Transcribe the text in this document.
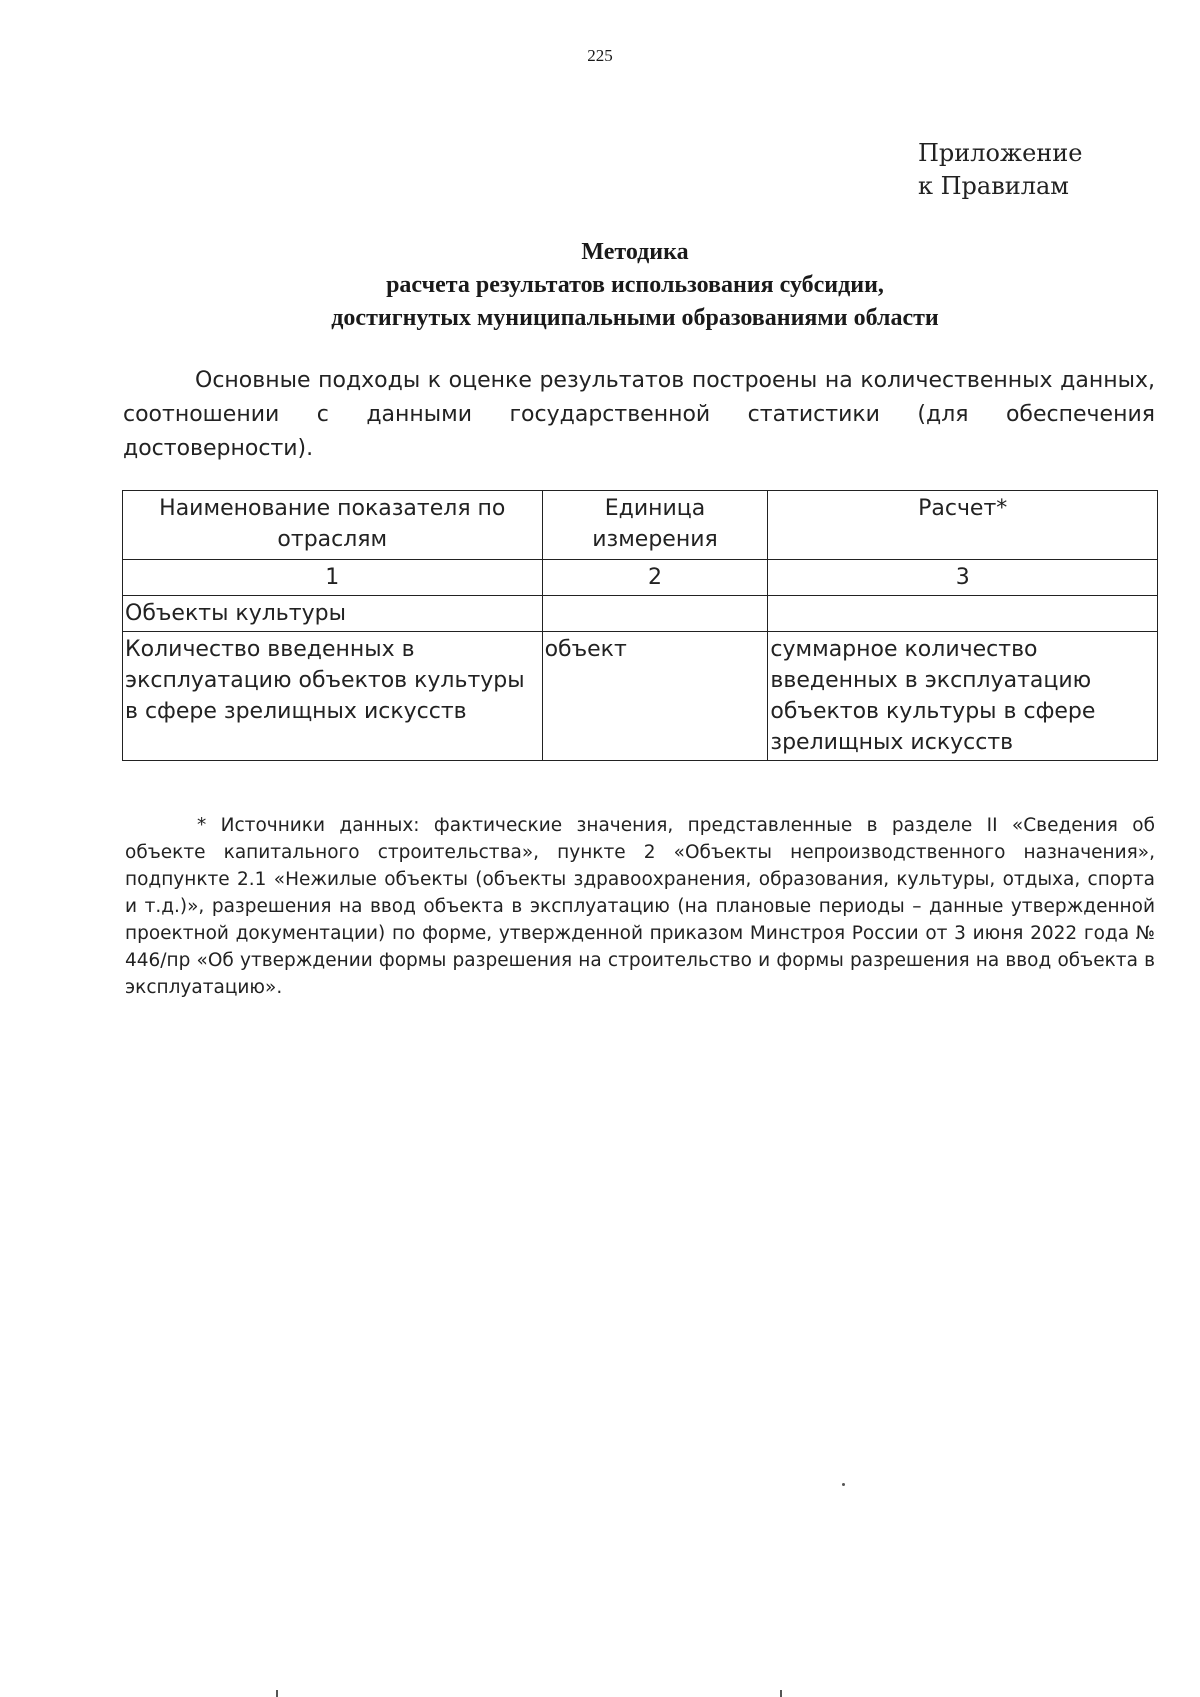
225
Приложение
к Правилам
Методика
расчета результатов использования субсидии,
достигнутых муниципальными образованиями области

Основные подходы к оценке результатов построены на количественных данных, соотношении с данными государственной статистики (для обеспечения достоверности).

Наименование показателя по отраслям	Единица измерения	Расчет*
1	2	3
Объекты культуры		
Количество введенных в эксплуатацию объектов культуры в сфере зрелищных искусств	объект	суммарное количество введенных в эксплуатацию объектов культуры в сфере зрелищных искусств

* Источники данных: фактические значения, представленные в разделе II «Сведения об объекте капитального строительства», пункте 2 «Объекты непроизводственного назначения», подпункте 2.1 «Нежилые объекты (объекты здравоохранения, образования, культуры, отдыха, спорта и т.д.)», разрешения на ввод объекта в эксплуатацию (на плановые периоды – данные утвержденной проектной документации) по форме, утвержденной приказом Минстроя России от 3 июня 2022 года № 446/пр «Об утверждении формы разрешения на строительство и формы разрешения на ввод объекта в эксплуатацию».
